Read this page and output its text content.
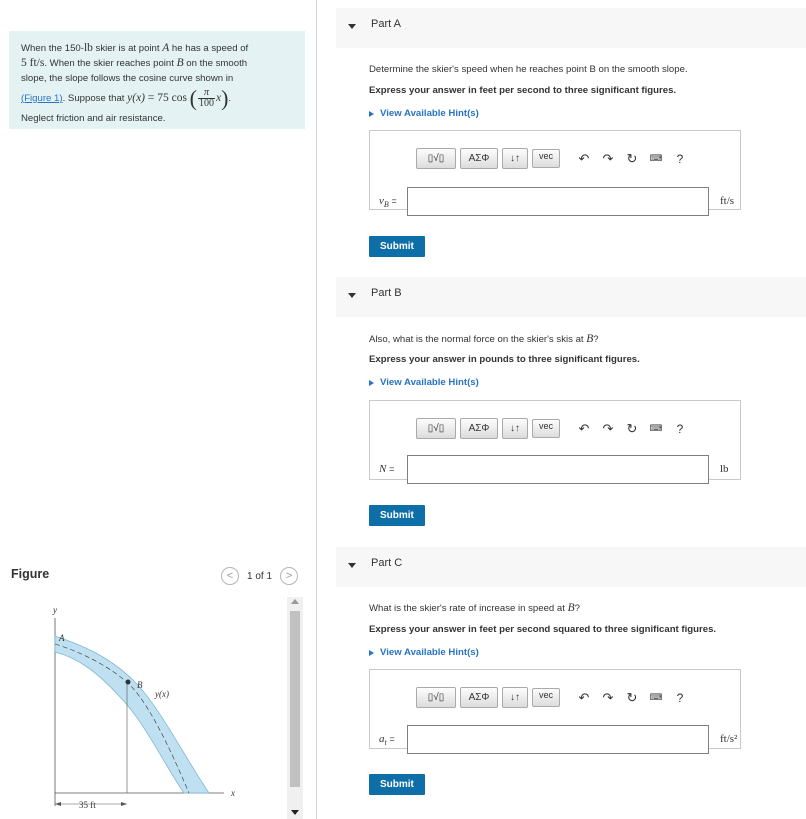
When the 150-lb skier is at point A he has a speed of
5 ft/s. When the skier reaches point B on the smooth
slope, the slope follows the cosine curve shown in
(Figure 1). Suppose that y(x) = 75 cos ( $\frac{\pi}{100} x$).
Neglect friction and air resistance.
Figure	< 1 of 1 >
y
A
B
y(x)
x
35 ft
Part A
Determine the skier's speed when he reaches point B on the smooth slope.
Express your answer in feet per second to three significant figures.
View Available Hint(s)
▯√▯ ΑΣΦ ↓↑ vec	↶	↷	↻	⌨	?
$v_B$ =	ft/s
Submit
Part B
Also, what is the normal force on the skier's skis at B?
Express your answer in pounds to three significant figures.
View Available Hint(s)
▯√▯ ΑΣΦ ↓↑ vec	↶	↷	↻	⌨	?
N =	lb
Submit
Part C
What is the skier's rate of increase in speed at B?
Express your answer in feet per second squared to three significant figures.
View Available Hint(s)
▯√▯ ΑΣΦ ↓↑ vec	↶	↷	↻	⌨	?
$a_t$ =	ft/s²
Submit
